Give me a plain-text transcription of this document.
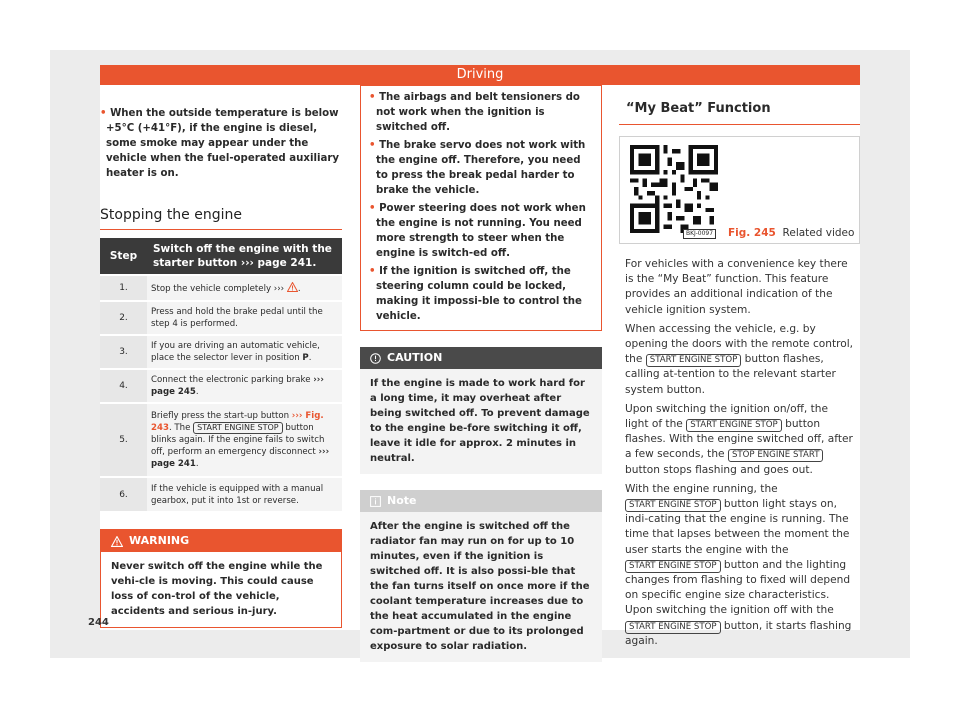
Driving
• When the outside temperature is below +5°C (+41°F), if the engine is diesel, some smoke may appear under the vehicle when the fuel-operated auxiliary heater is on.
Stopping the engine
Step	Switch off the engine with the starter button ››› page 241.
1.	Stop the vehicle completely ››› .
2.	Press and hold the brake pedal until the step 4 is performed.
3.	If you are driving an automatic vehicle, place the selector lever in position P.
4.	Connect the electronic parking brake ››› page 245.
5.	Briefly press the start-up button ››› Fig. 243. The START ENGINE STOP button blinks again. If the engine fails to switch off, perform an emergency disconnect ››› page 241.
6.	If the vehicle is equipped with a manual gearbox, put it into 1st or reverse.
WARNING
Never switch off the engine while the vehi-cle is moving. This could cause loss of con-trol of the vehicle, accidents and serious in-jury.
• The airbags and belt tensioners do not work when the ignition is switched off.
• The brake servo does not work with the engine off. Therefore, you need to press the break pedal harder to brake the vehicle.
• Power steering does not work when the engine is not running. You need more strength to steer when the engine is switch-ed off.
• If the ignition is switched off, the steering column could be locked, making it impossi-ble to control the vehicle.
CAUTION
If the engine is made to work hard for a long time, it may overheat after being switched off. To prevent damage to the engine be-fore switching it off, leave it idle for approx. 2 minutes in neutral.
Note
After the engine is switched off the radiator fan may run on for up to 10 minutes, even if the ignition is switched off. It is also possi-ble that the fan turns itself on once more if the coolant temperature increases due to the heat accumulated in the engine com-partment or due to its prolonged exposure to solar radiation.
“My Beat” Function
BKJ-0097 Fig. 245 Related video

For vehicles with a convenience key there is the “My Beat” function. This feature provides an additional indication of the vehicle ignition system.

When accessing the vehicle, e.g. by opening the doors with the remote control, the START ENGINE STOP button flashes, calling at-tention to the relevant starter system button.

Upon switching the ignition on/off, the light of the START ENGINE STOP button flashes. With the engine switched off, after a few seconds, the STOP ENGINE START button stops flashing and goes out.

With the engine running, the START ENGINE STOP button light stays on, indi-cating that the engine is running. The time that lapses between the moment the user starts the engine with the START ENGINE STOP button and the lighting changes from flashing to fixed will depend on specific engine size characteristics. Upon switching the ignition off with the START ENGINE STOP button, it starts flashing again.

244
